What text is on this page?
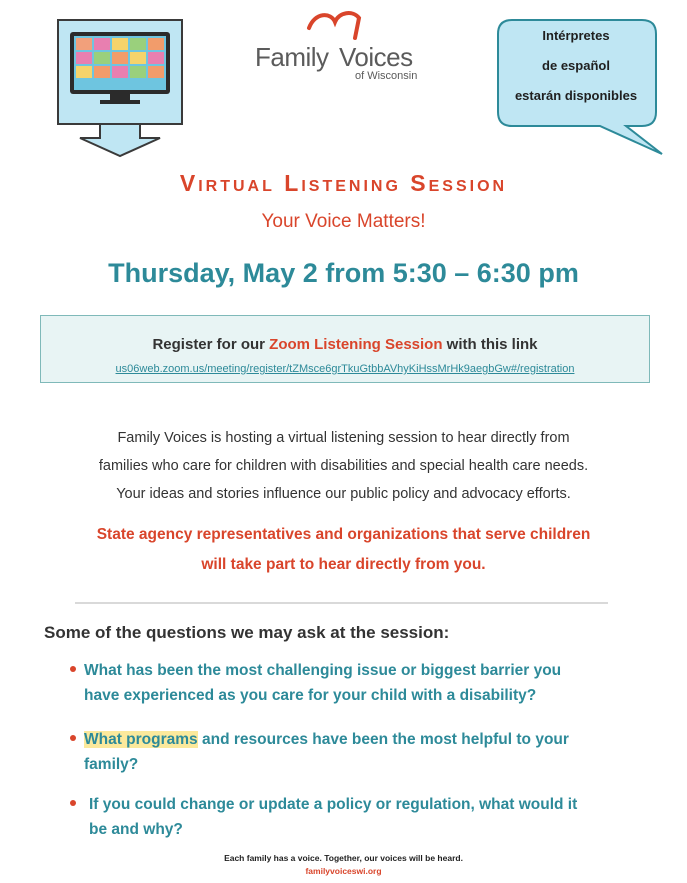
Family Voices
of Wisconsin
Intérpretes
de español
estarán disponibles
Virtual Listening Session
Your Voice Matters!
Thursday, May 2 from 5:30 – 6:30 pm
Register for our Zoom Listening Session with this link
us06web.zoom.us/meeting/register/tZMsce6grTkuGtbbAVhyKiHssMrHk9aegbGw#/registration
Family Voices is hosting a virtual listening session to hear directly from
families who care for children with disabilities and special health care needs.
Your ideas and stories influence our public policy and advocacy efforts.
State agency representatives and organizations that serve children
will take part to hear directly from you.
Some of the questions we may ask at the session:
What has been the most challenging issue or biggest barrier you
have experienced as you care for your child with a disability?
What programs and resources have been the most helpful to your
family?
If you could change or update a policy or regulation, what would it
be and why?
Each family has a voice. Together, our voices will be heard.
familyvoiceswi.org
